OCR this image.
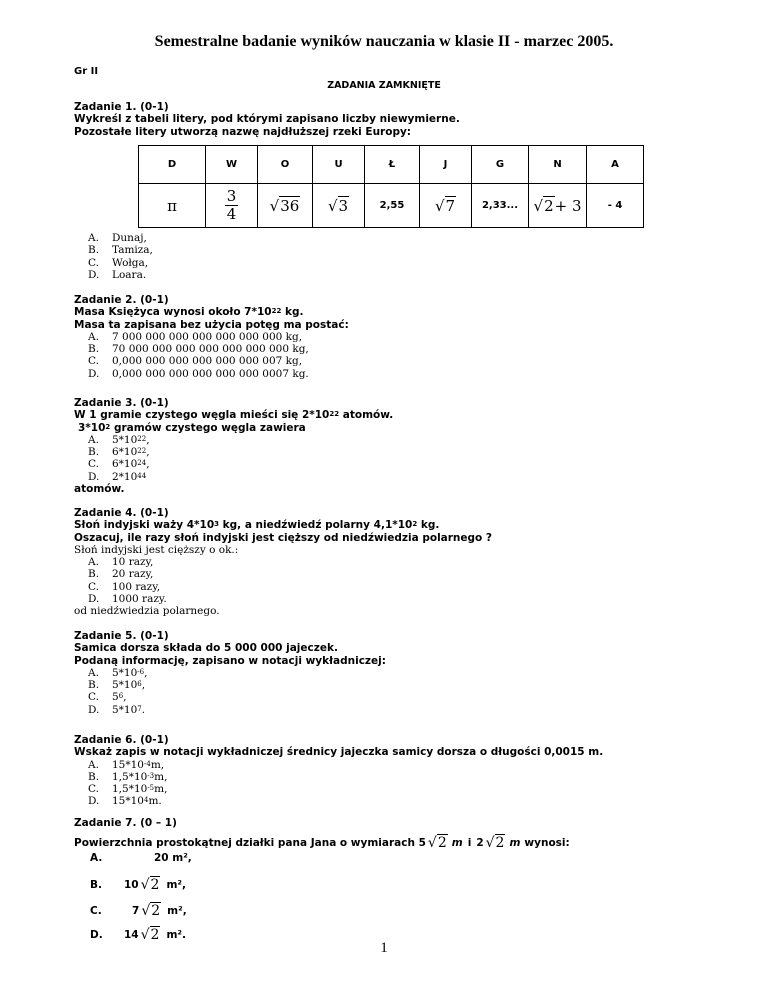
Semestralne badanie wyników nauczania w klasie II - marzec 2005.
Gr II
ZADANIA ZAMKNIĘTE
Zadanie 1. (0-1)
Wykreśl z tabeli litery, pod którymi zapisano liczby niewymierne.
Pozostałe litery utworzą nazwę najdłuższej rzeki Europy:
D	W	O	U	Ł	J	G	N	A
π	$\frac{3}{4}$	√36	√3	2,55	√7	2,33...	√2+ 3	- 4
A.	Dunaj,
B.	Tamiza,
C.	Wołga,
D.	Loara.
Zadanie 2. (0-1)
Masa Księżyca wynosi około $7*10^{22}$ kg.
Masa ta zapisana bez użycia potęg ma postać:
A.	7 000 000 000 000 000 000 000 kg,
B.	70 000 000 000 000 000 000 000 kg,
C.	0,000 000 000 000 000 000 007 kg,
D.	0,000 000 000 000 000 000 0007 kg.
Zadanie 3. (0-1)
W 1 gramie czystego węgla mieści się $2*10^{22}$ atomów.
$3*10^2$ gramów czystego węgla zawiera
A.	$5*10^{22}$ ,
B.	$6*10^{22}$ ,
C.	$6*10^{24}$ ,
D.	$2*10^{44}$
atomów.
Zadanie 4. (0-1)
Słoń indyjski waży $4*10^3$ kg, a niedźwiedź polarny $4,1*10^2$ kg.
Oszacuj, ile razy słoń indyjski jest cięższy od niedźwiedzia polarnego ?
Słoń indyjski jest cięższy o ok.:
A.	10 razy,
B.	20 razy,
C.	100 razy,
D.	1000 razy.
od niedźwiedzia polarnego.
Zadanie 5. (0-1)
Samica dorsza składa do 5 000 000 jajeczek.
Podaną informację, zapisano w notacji wykładniczej:
A.	$5*10^{-6}$ ,
B.	$5*10^6$ ,
C.	$5^6$ ,
D.	$5*10^7$ .
Zadanie 6. (0-1)
Wskaż zapis w notacji wykładniczej średnicy jajeczka samicy dorsza o długości 0,0015 m.
A.	$15*10^{-4}$ m,
B.	$1,5*10^{-3}$ m,
C.	$1,5*10^{-5}$ m,
D.	$15*10^4$ m.
Zadanie 7. (0 – 1)
Powierzchnia prostokątnej działki pana Jana o wymiarach 5 √2 m i 2 √2 m wynosi:
A.	20 m²,
B.	10 √2 m²,
C.	7 √2 m²,
D.	14 √2 m².
1
